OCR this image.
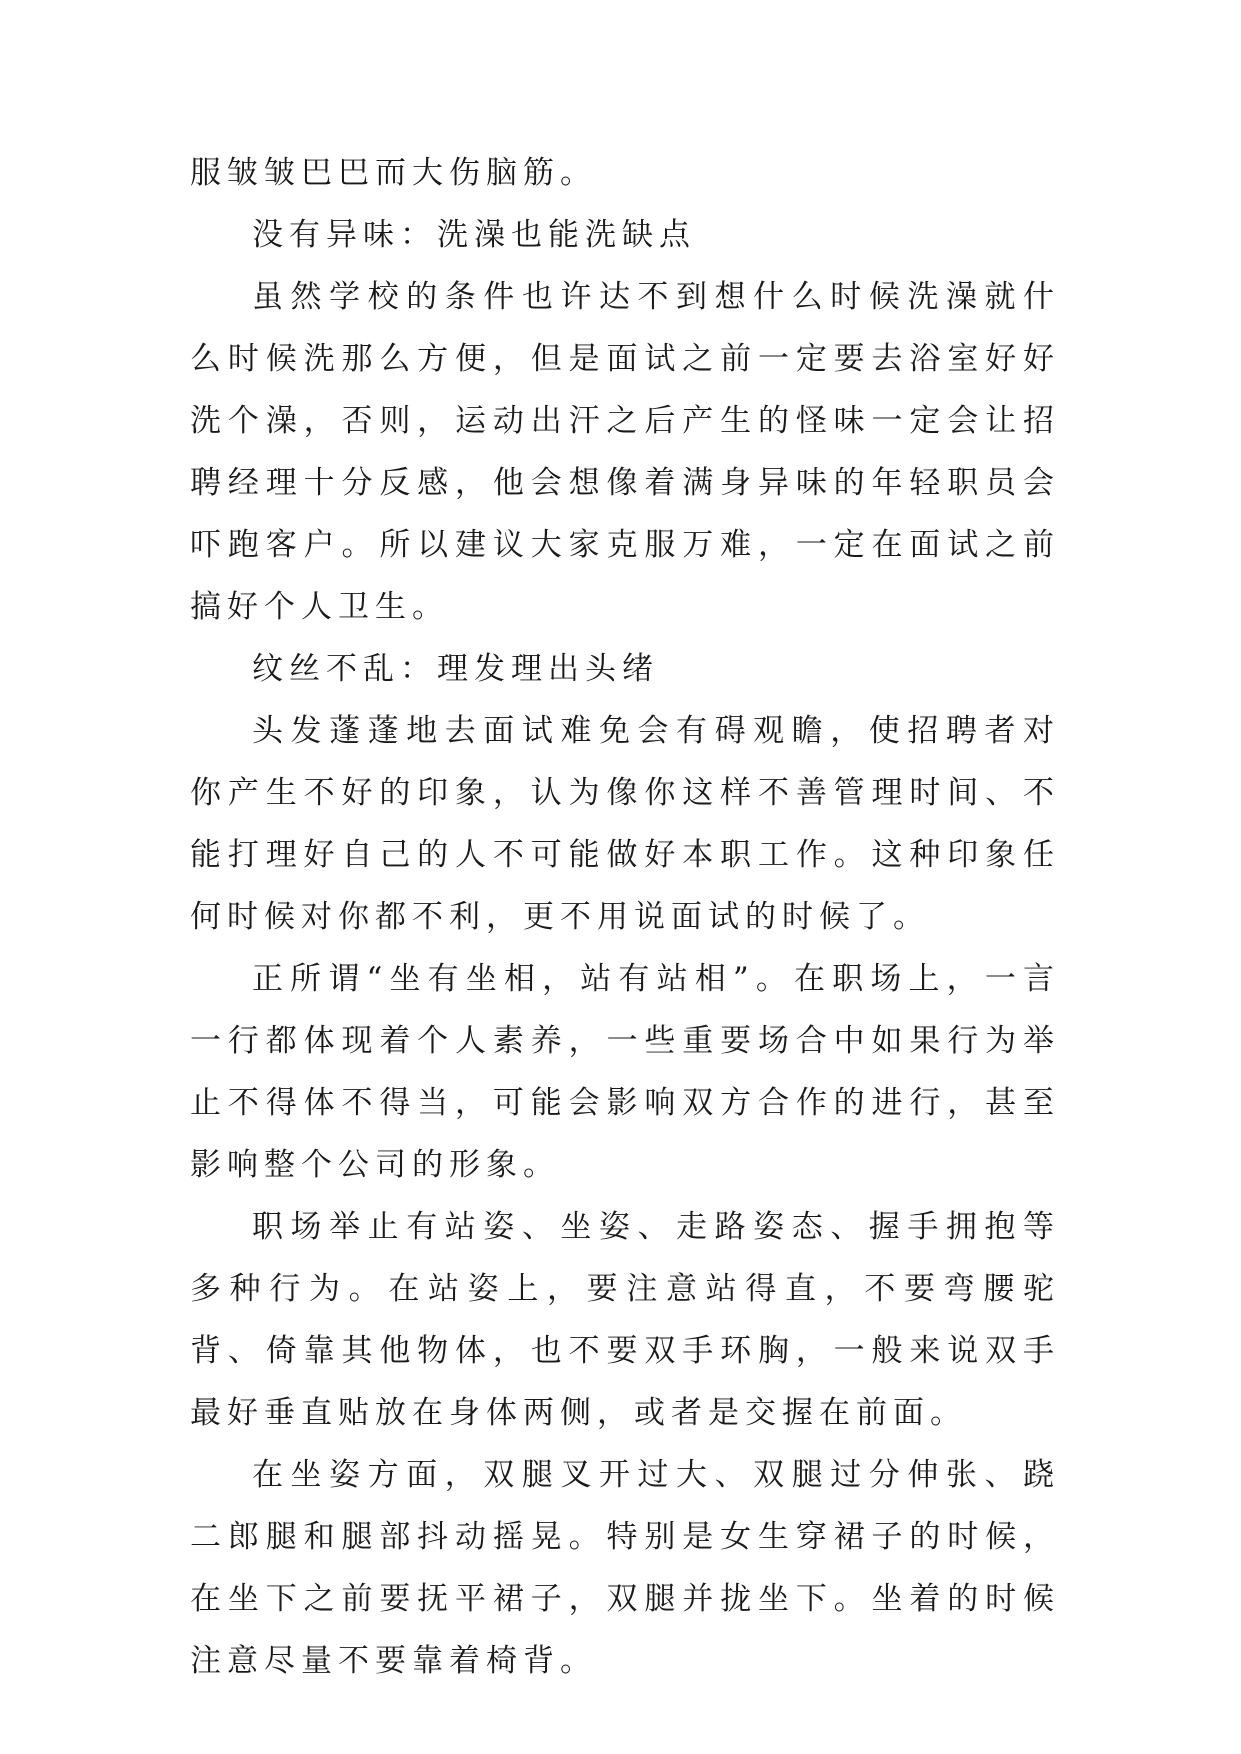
服皱皱巴巴而大伤脑筋。

没有异味：洗澡也能洗缺点

虽然学校的条件也许达不到想什么时候洗澡就什么时候洗那么方便，但是面试之前一定要去浴室好好洗个澡，否则，运动出汗之后产生的怪味一定会让招聘经理十分反感，他会想像着满身异味的年轻职员会吓跑客户。所以建议大家克服万难，一定在面试之前搞好个人卫生。

纹丝不乱：理发理出头绪

头发蓬蓬地去面试难免会有碍观瞻，使招聘者对你产生不好的印象，认为像你这样不善管理时间、不能打理好自己的人不可能做好本职工作。这种印象任何时候对你都不利，更不用说面试的时候了。

正所谓“坐有坐相，站有站相”。在职场上，一言一行都体现着个人素养，一些重要场合中如果行为举止不得体不得当，可能会影响双方合作的进行，甚至影响整个公司的形象。

职场举止有站姿、坐姿、走路姿态、握手拥抱等多种行为。在站姿上，要注意站得直，不要弯腰驼背、倚靠其他物体，也不要双手环胸，一般来说双手最好垂直贴放在身体两侧，或者是交握在前面。

在坐姿方面，双腿叉开过大、双腿过分伸张、跷二郎腿和腿部抖动摇晃。特别是女生穿裙子的时候，在坐下之前要抚平裙子，双腿并拢坐下。坐着的时候注意尽量不要靠着椅背。
